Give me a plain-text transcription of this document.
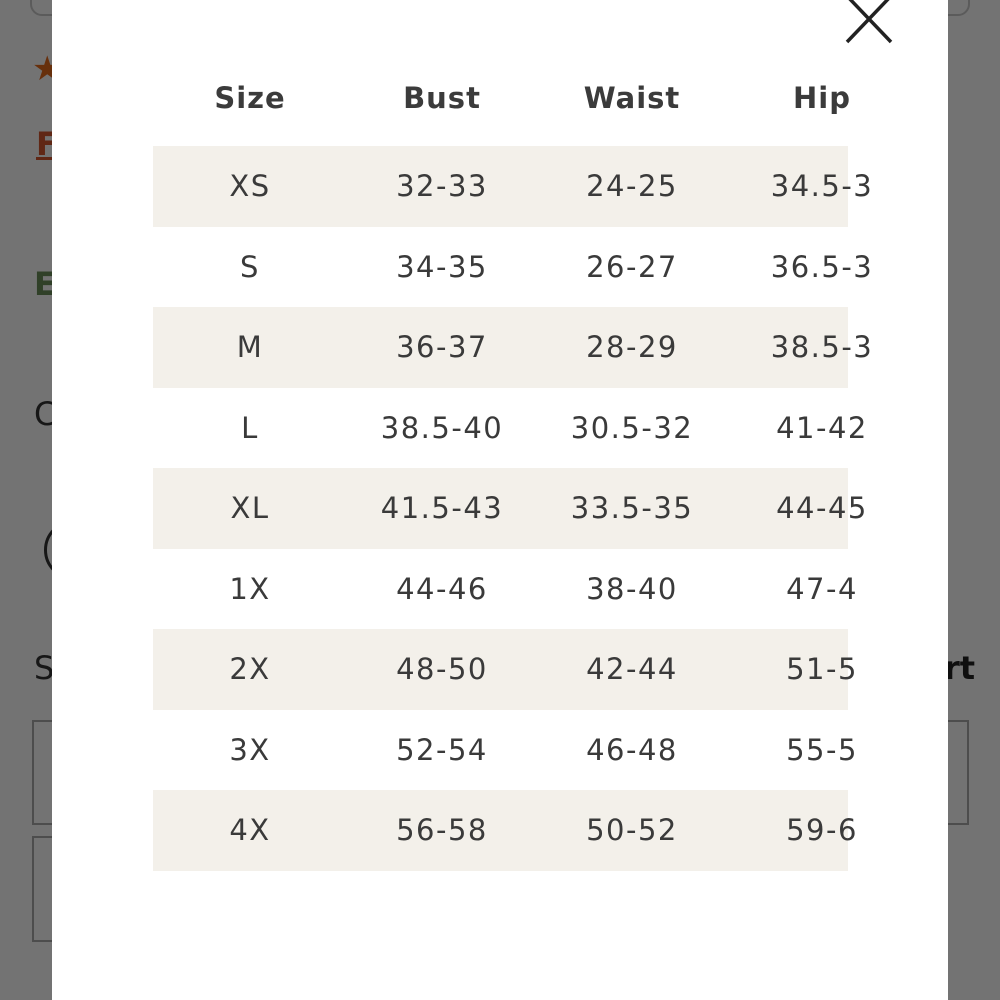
Size	Bust	Waist	Hip
XS	32-33	24-25	34.5-3
S	34-35	26-27	36.5-3
M	36-37	28-29	38.5-3
L	38.5-40	30.5-32	41-42
XL	41.5-43	33.5-35	44-45
1X	44-46	38-40	47-4
2X	48-50	42-44	51-5
3X	52-54	46-48	55-5
4X	56-58	50-52	59-6
